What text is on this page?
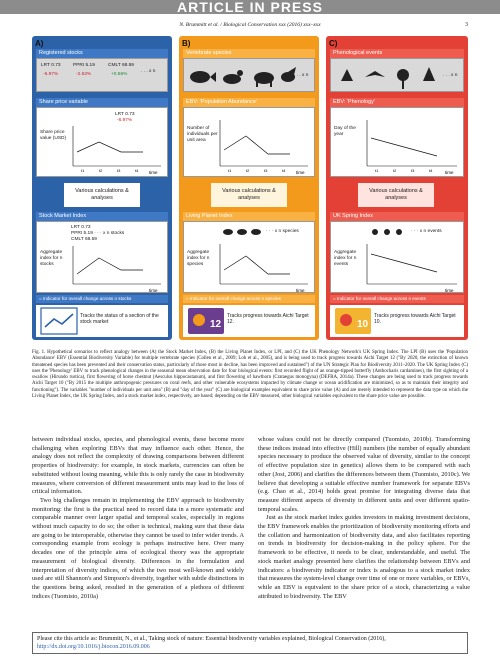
ARTICLE IN PRESS
N. Brummitt et al. / Biological Conservation xxx (2016) xxx–xxx	3
A)
Registered stocks
LRT 0.73	PPRI 5.19	CMLT 68.59
. . . x n
-6.97%	-2.63%	+0.56%
Share price variable
Share price value (USD)
LRT 0.73
-6.97%
time
t1	t2	t3	t4
Various calculations & analyses
Stock Market Index
LRT 0.73
PPRI 5.19 · · · x n stocks
CMLT 68.59
Aggregate index for n stocks
time
= Indicator for overall change across n stocks
Tracks the status of a section of the stock market
B)
Vertebrate species
. . . x n
EBV: 'Population Abundance'
Number of individuals per unit area
time
t1	t2	t3	t4
Various calculations & analyses
Living Planet Index
time
· · · x n species
Aggregate index for n species
= Indicator for overall change across n species
12
Tracks progress towards Aichi Target 12.
C)
Phenological events
. . . x n
EBV: 'Phenology'
Day of the year
time
t1	t2	t3	t4
Various calculations & analyses
UK Spring Index
time
· · · x n events
Aggregate index for n events
= Indicator for overall change across n events
10
Tracks progress towards Aichi Target 10.
Fig. 1. Hypothetical scenarios to reflect analogy between (A) the Stock Market Index, (B) the Living Planet Index, or LPI, and (C) the UK Phenology Network's UK Spring Index. The LPI (B) uses the 'Population Abundance' EBV (Essential Biodiversity Variable) for multiple vertebrate species (Collen et al., 2009; Loh et al., 2005), and is being used to track progress towards Aichi Target 12 ("By 2020, the extinction of known threatened species has been prevented and their conservation status, particularly of those most in decline, has been improved and sustained") of the UN Strategic Plan for Biodiversity 2011–2020. The UK Spring Index (C) uses the 'Phenology' EBV to track phenological changes in the seasonal mean observation date for four biological events: first recorded flight of an orange-tipped butterfly (Anthocharis cardamines), the first sighting of a swallow (Hirundo rustica), first flowering of horse chestnut (Aesculus hippocastanum), and first flowering of hawthorn (Crataegus monogyna) (DEFRA, 2014a). These changes are being used to track progress towards Aichi Target 10 ("By 2015 the multiple anthropogenic pressures on coral reefs, and other vulnerable ecosystems impacted by climate change or ocean acidification are minimized, so as to maintain their integrity and functioning"). The variables "number of individuals per unit area" (B) and "day of the year" (C) are biological examples equivalent to share price value (A) and are merely intended to represent the data type on which the Living Planet Index, the UK Spring Index, and a stock market index, respectively, are based; depending on the EBV measured, other biological variables equivalent to the share price value are possible.

between individual stocks, species, and phenological events, these become more challenging when exploring EBVs that may influence each other. Hence, the analogy does not reflect the complexity of drawing comparisons between different properties of biodiversity: for example, in stock markets, currencies can often be substituted without losing meaning, while this is only rarely the case in biodiversity measures, where conversion of different measurement units may lead to the loss of critical information.

Two big challenges remain in implementing the EBV approach to biodiversity monitoring: the first is the practical need to record data in a more systematic and comparable manner over larger spatial and temporal scales, especially in regions without much capacity to do so; the other is technical, making sure that these data are going to be interoperable, otherwise they cannot be used to infer wider trends. A corresponding example from ecology is perhaps instructive here. Over many decades one of the principle aims of ecological theory was the appropriate measurement of biological diversity. Differences in the formulation and interpretation of diversity indices, of which the two most well-known and widely used are still Shannon's and Simpson's diversity, together with subtle distinctions in the questions being asked, resulted in the generation of a plethora of different indices (Tuomisto, 2010a)

whose values could not be directly compared (Tuomisto, 2010b). Transforming these indices instead into effective (Hill) numbers (the number of equally abundant species necessary to produce the observed value of diversity, similar to the concept of effective population size in genetics) allows them to be compared with each other (Jost, 2006) and clarifies the differences between them (Tuomisto, 2010c). We believe that developing a suitable effective number framework for separate EBVs (e.g. Chao et al., 2014) holds great promise for integrating diverse data that measure different aspects of diversity in different units and over different spatio-temporal scales.

Just as the stock market index guides investors in making investment decisions, the EBV framework enables the prioritization of biodiversity monitoring efforts and the collation and harmonization of biodiversity data, and also facilitates reporting on trends in biodiversity for decision-making in the policy sphere. For the framework to be effective, it needs to be clear, understandable, and useful. The stock market analogy presented here clarifies the relationship between EBVs and indicators: a biodiversity indicator or index is analogous to a stock market index that measures the system-level change over time of one or more variables, or EBVs, while an EBV is equivalent to the share price of a stock, characterizing a value attributed to biodiversity. The EBV

Please cite this article as: Brummitt, N., et al., Taking stock of nature: Essential biodiversity variables explained, Biological Conservation (2016),
http://dx.doi.org/10.1016/j.biocon.2016.09.006
